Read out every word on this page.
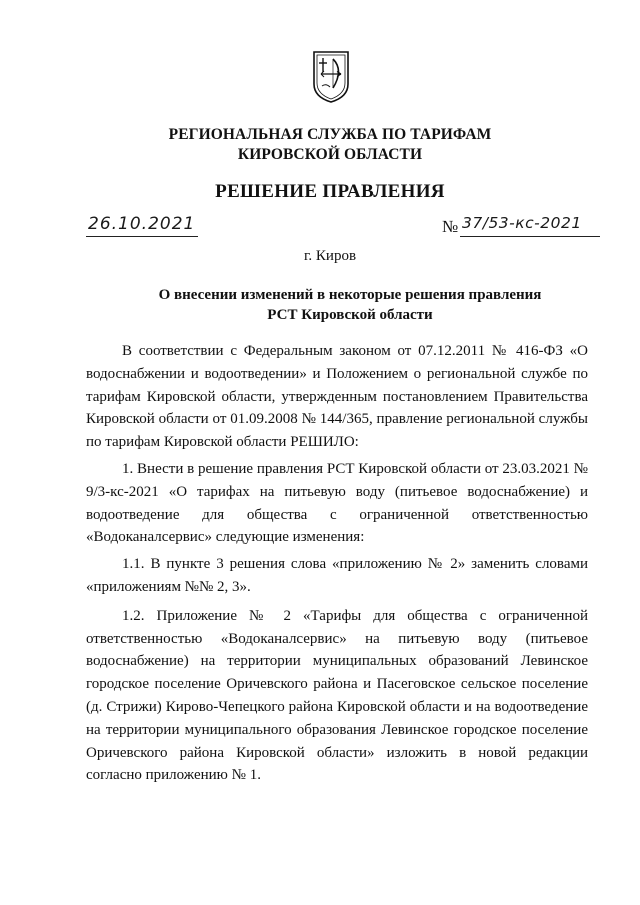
РЕГИОНАЛЬНАЯ СЛУЖБА ПО ТАРИФАМ
КИРОВСКОЙ ОБЛАСТИ
РЕШЕНИЕ ПРАВЛЕНИЯ
26.10.2021	№ 37/53-кс-2021
г. Киров
О внесении изменений в некоторые решения правления
РСТ Кировской области

В соответствии с Федеральным законом от 07.12.2011 № 416-ФЗ «О водоснабжении и водоотведении» и Положением о региональной службе по тарифам Кировской области, утвержденным постановлением Правительства Кировской области от 01.09.2008 № 144/365, правление региональной службы по тарифам Кировской области РЕШИЛО:

1. Внести в решение правления РСТ Кировской области от 23.03.2021 № 9/3-кс-2021 «О тарифах на питьевую воду (питьевое водоснабжение) и водоотведение для общества с ограниченной ответственностью «Водоканалсервис» следующие изменения:

1.1. В пункте 3 решения слова «приложению № 2» заменить словами «приложениям №№ 2, 3».

1.2. Приложение № 2 «Тарифы для общества с ограниченной ответственностью «Водоканалсервис» на питьевую воду (питьевое водоснабжение) на территории муниципальных образований Левинское городское поселение Оричевского района и Пасеговское сельское поселение (д. Стрижи) Кирово-Чепецкого района Кировской области и на водоотведение на территории муниципального образования Левинское городское поселение Оричевского района Кировской области» изложить в новой редакции согласно приложению № 1.
